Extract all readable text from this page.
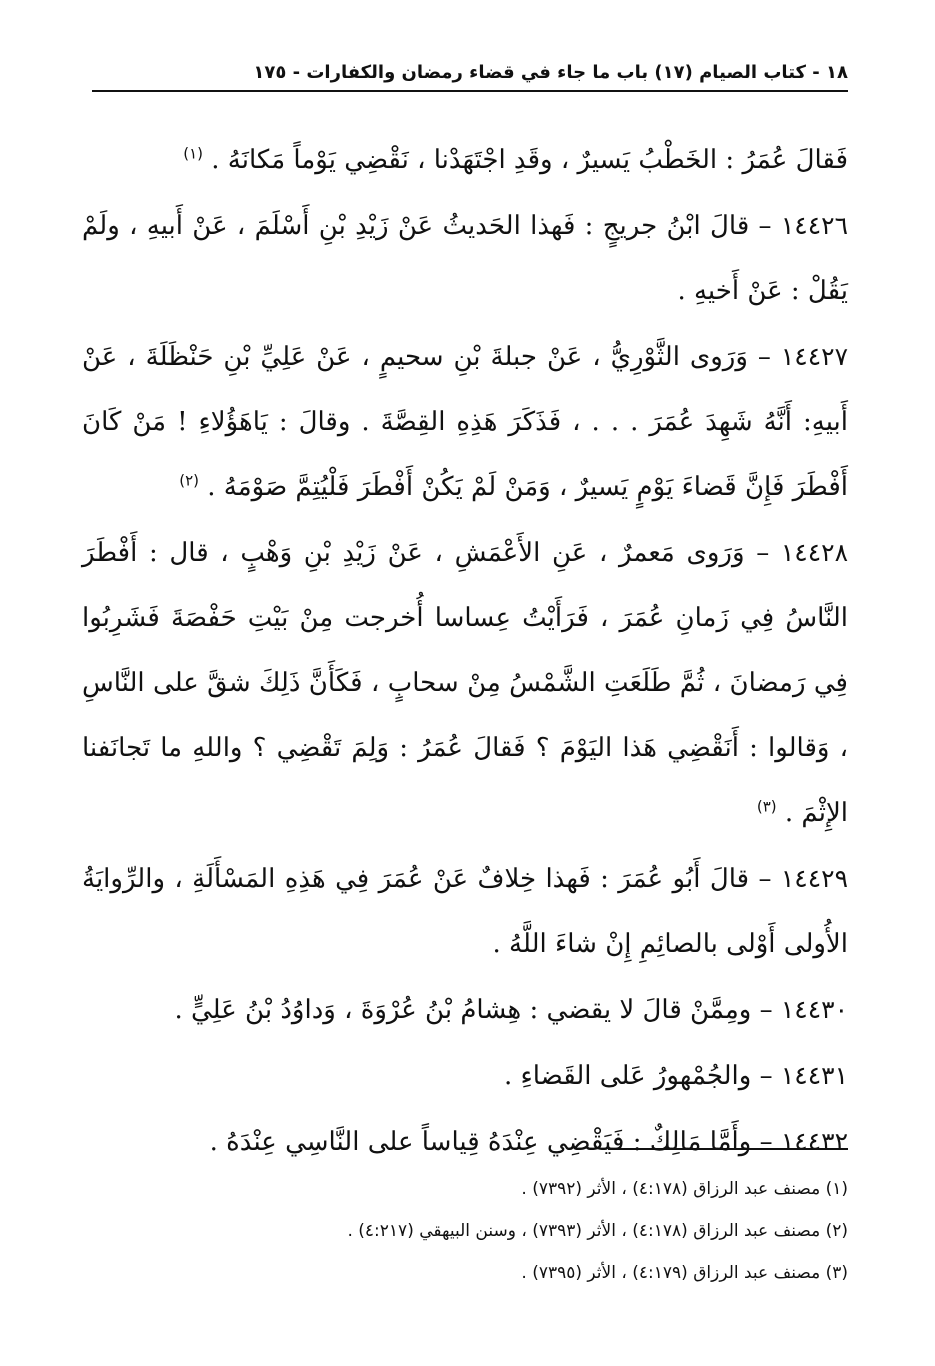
١٨ - كتاب الصيام (١٧) باب ما جاء في قضاء رمضان والكفارات - ١٧٥

فَقالَ عُمَرُ : الخَطْبُ يَسيرٌ ، وقَدِ اجْتَهَدْنا ، نَقْضِي يَوْماً مَكانَهُ . $^{(١)}$

١٤٤٢٦ – قالَ ابْنُ جريجٍ : فَهذا الحَديثُ عَنْ زَيْدِ بْنِ أَسْلَمَ ، عَنْ أَبيهِ ، ولَمْ يَقُلْ : عَنْ أَخيهِ .

١٤٤٢٧ – وَرَوى الثَّوْرِيُّ ، عَنْ جبلةَ بْنِ سحيمٍ ، عَنْ عَلِيِّ بْنِ حَنْظَلَةَ ، عَنْ أَبيهِ: أَنَّهُ شَهِدَ عُمَرَ . . . ، فَذَكَرَ هَذِهِ القِصَّةَ . وقالَ : يَاهَؤُلاءِ ! مَنْ كَانَ أَفْطَرَ فَإِنَّ قَضاءَ يَوْمٍ يَسيرٌ ، وَمَنْ لَمْ يَكُنْ أَفْطَرَ فَلْيُتِمَّ صَوْمَهُ . $^{(٢)}$

١٤٤٢٨ – وَرَوى مَعمرٌ ، عَنِ الأَعْمَشِ ، عَنْ زَيْدِ بْنِ وَهْبٍ ، قال : أَفْطَرَ النَّاسُ فِي زَمانِ عُمَرَ ، فَرَأَيْتُ عِساسا أُخرجت مِنْ بَيْتِ حَفْصَةَ فَشَرِبُوا فِي رَمضانَ ، ثُمَّ طَلَعَتِ الشَّمْسُ مِنْ سحابٍ ، فَكَأَنَّ ذَلِكَ شقَّ على النَّاسِ ، وَقالوا : أَنَقْضِي هَذا اليَوْمَ ؟ فَقالَ عُمَرُ : وَلِمَ تَقْضِي ؟ واللهِ ما تَجانَفنا الإِثْمَ . $^{(٣)}$

١٤٤٢٩ – قالَ أَبُو عُمَرَ : فَهذا خِلافٌ عَنْ عُمَرَ فِي هَذِهِ المَسْأَلَةِ ، والرِّوايَةُ الأُولى أَوْلى بالصائِمِ إِنْ شاءَ اللَّهُ .

١٤٤٣٠ – ومِمَّنْ قالَ لا يقضي : هِشامُ بْنُ عُرْوَةَ ، وَداوُدُ بْنُ عَلِيٍّ .

١٤٤٣١ – والجُمْهورُ عَلى القَضاءِ .

١٤٤٣٢ – وأَمَّا مَالِكٌ : فَيَقْضِي عِنْدَهُ قِياساً على النَّاسِي عِنْدَهُ .

(١) مصنف عبد الرزاق (٤:١٧٨) ، الأثر (٧٣٩٢) .

(٢) مصنف عبد الرزاق (٤:١٧٨) ، الأثر (٧٣٩٣) ، وسنن البيهقي (٤:٢١٧) .

(٣) مصنف عبد الرزاق (٤:١٧٩) ، الأثر (٧٣٩٥) .
